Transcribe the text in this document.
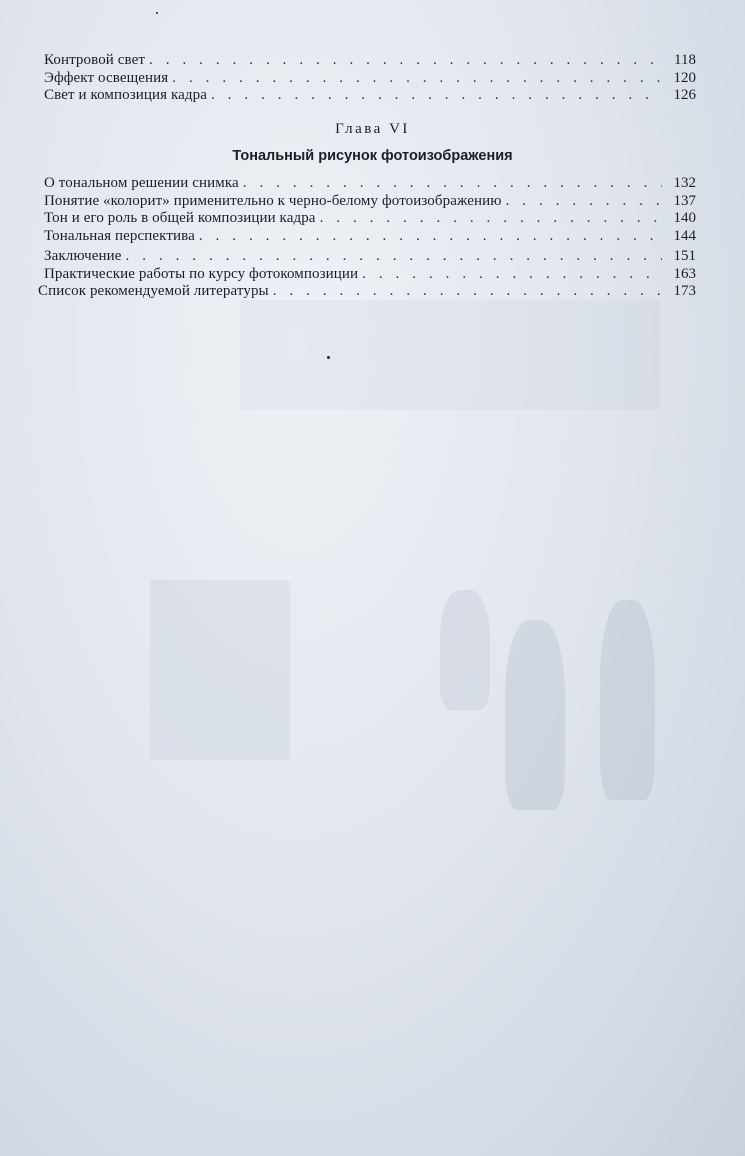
Контровой свет . . .	118
Эффект освещения . . .	120
Свет и композиция кадра . . .	126
Глава VI
Тональный рисунок фотоизображения
О тональном решении снимка . . .	132
Понятие «колорит» применительно к черно-белому фотоизображению . . .	137
Тон и его роль в общей композиции кадра . . .	140
Тональная перспектива . . .	144
Заключение . . .	151
Практические работы по курсу фотокомпозиции . . .	163
Список рекомендуемой литературы . . .	173
